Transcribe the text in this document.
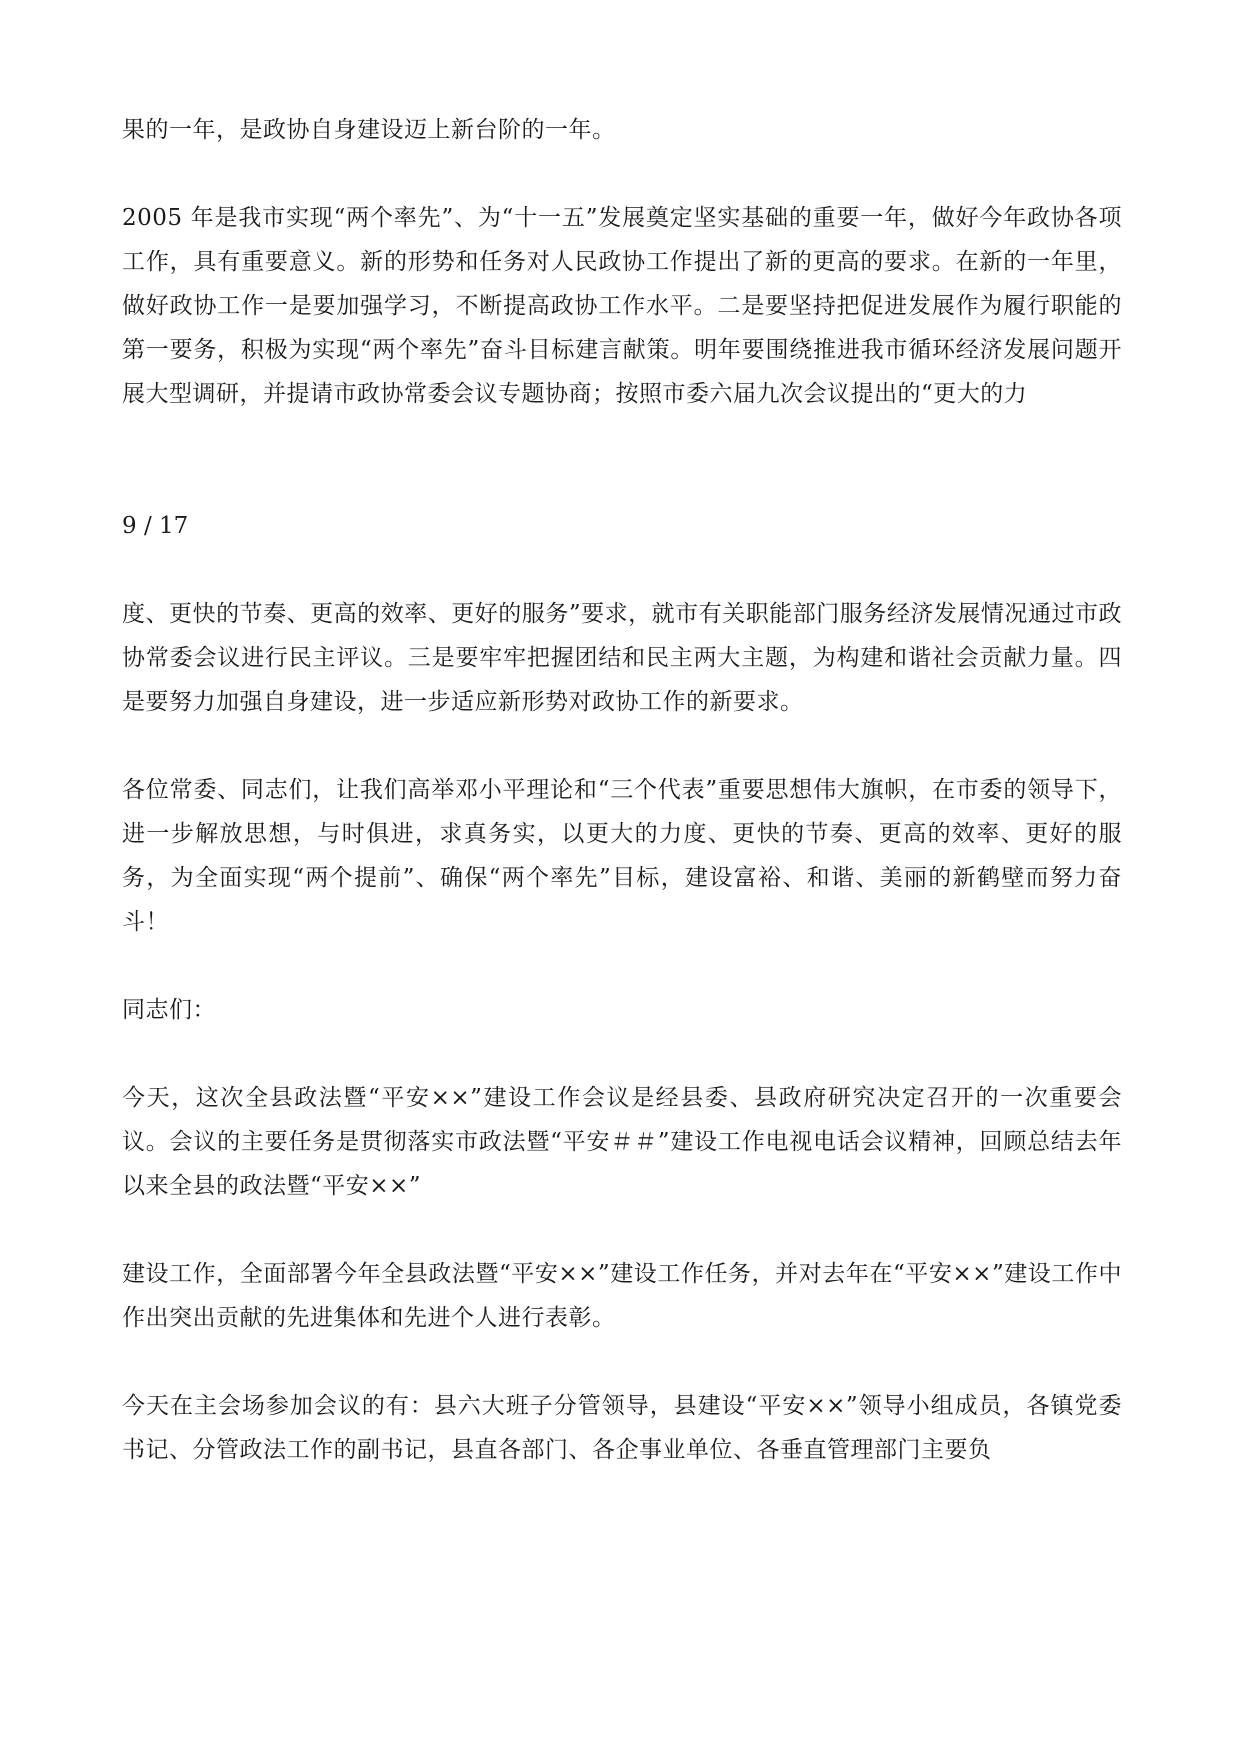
果的一年，是政协自身建设迈上新台阶的一年。

2005 年是我市实现“两个率先”、为“十一五”发展奠定坚实基础的重要一年，做好今年政协各项工作，具有重要意义。新的形势和任务对人民政协工作提出了新的更高的要求。在新的一年里，做好政协工作一是要加强学习，不断提高政协工作水平。二是要坚持把促进发展作为履行职能的第一要务，积极为实现“两个率先”奋斗目标建言献策。明年要围绕推进我市循环经济发展问题开展大型调研，并提请市政协常委会议专题协商；按照市委六届九次会议提出的“更大的力

9 / 17

度、更快的节奏、更高的效率、更好的服务”要求，就市有关职能部门服务经济发展情况通过市政协常委会议进行民主评议。三是要牢牢把握团结和民主两大主题，为构建和谐社会贡献力量。四是要努力加强自身建设，进一步适应新形势对政协工作的新要求。

各位常委、同志们，让我们高举邓小平理论和“三个代表”重要思想伟大旗帜，在市委的领导下，进一步解放思想，与时俱进，求真务实，以更大的力度、更快的节奏、更高的效率、更好的服务，为全面实现“两个提前”、确保“两个率先”目标，建设富裕、和谐、美丽的新鹤壁而努力奋斗！

同志们：

今天，这次全县政法暨“平安××”建设工作会议是经县委、县政府研究决定召开的一次重要会议。会议的主要任务是贯彻落实市政法暨“平安＃＃”建设工作电视电话会议精神，回顾总结去年以来全县的政法暨“平安××”

建设工作，全面部署今年全县政法暨“平安××”建设工作任务，并对去年在“平安××”建设工作中作出突出贡献的先进集体和先进个人进行表彰。

今天在主会场参加会议的有：县六大班子分管领导，县建设“平安××”领导小组成员，各镇党委书记、分管政法工作的副书记，县直各部门、各企事业单位、各垂直管理部门主要负
